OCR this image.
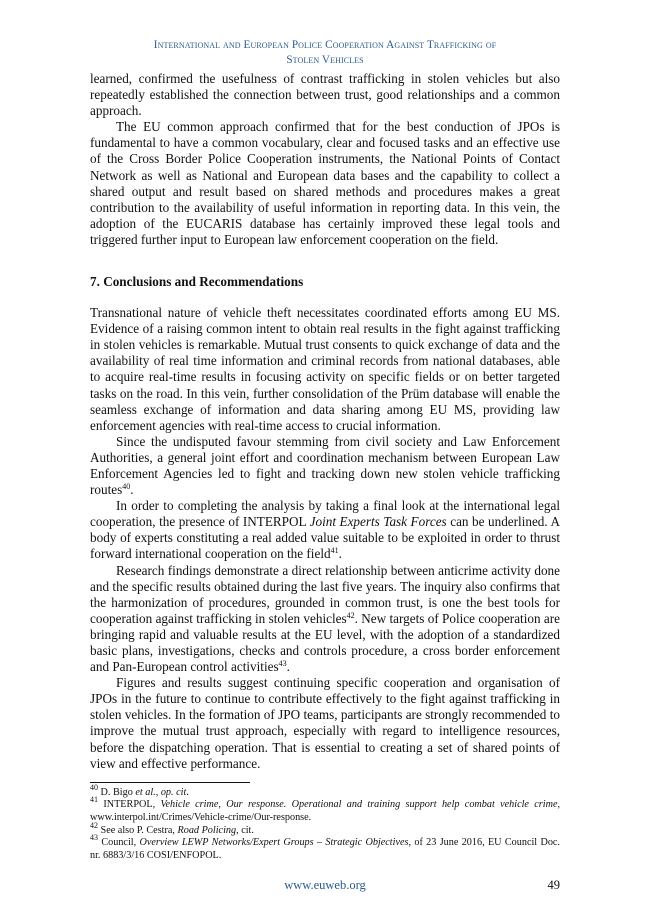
International and European Police Cooperation Against Trafficking of
Stolen Vehicles

learned, confirmed the usefulness of contrast trafficking in stolen vehicles but also repeatedly established the connection between trust, good relationships and a common approach.

The EU common approach confirmed that for the best conduction of JPOs is fundamental to have a common vocabulary, clear and focused tasks and an effective use of the Cross Border Police Cooperation instruments, the National Points of Contact Network as well as National and European data bases and the capability to collect a shared output and result based on shared methods and procedures makes a great contribution to the availability of useful information in reporting data. In this vein, the adoption of the EUCARIS database has certainly improved these legal tools and triggered further input to European law enforcement cooperation on the field.

7. Conclusions and Recommendations

Transnational nature of vehicle theft necessitates coordinated efforts among EU MS. Evidence of a raising common intent to obtain real results in the fight against trafficking in stolen vehicles is remarkable. Mutual trust consents to quick exchange of data and the availability of real time information and criminal records from national databases, able to acquire real-time results in focusing activity on specific fields or on better targeted tasks on the road. In this vein, further consolidation of the Prüm database will enable the seamless exchange of information and data sharing among EU MS, providing law enforcement agencies with real-time access to crucial information.

Since the undisputed favour stemming from civil society and Law Enforcement Authorities, a general joint effort and coordination mechanism between European Law Enforcement Agencies led to fight and tracking down new stolen vehicle trafficking routes$^{40}$.

In order to completing the analysis by taking a final look at the international legal cooperation, the presence of INTERPOL Joint Experts Task Forces can be underlined. A body of experts constituting a real added value suitable to be exploited in order to thrust forward international cooperation on the field$^{41}$.

Research findings demonstrate a direct relationship between anticrime activity done and the specific results obtained during the last five years. The inquiry also confirms that the harmonization of procedures, grounded in common trust, is one the best tools for cooperation against trafficking in stolen vehicles$^{42}$. New targets of Police cooperation are bringing rapid and valuable results at the EU level, with the adoption of a standardized basic plans, investigations, checks and controls procedure, a cross border enforcement and Pan-European control activities$^{43}$.

Figures and results suggest continuing specific cooperation and organisation of JPOs in the future to continue to contribute effectively to the fight against trafficking in stolen vehicles. In the formation of JPO teams, participants are strongly recommended to improve the mutual trust approach, especially with regard to intelligence resources, before the dispatching operation. That is essential to creating a set of shared points of view and effective performance.

$^{40}$ D. Bigo et al., op. cit.

$^{41}$ INTERPOL, Vehicle crime, Our response. Operational and training support help combat vehicle crime, www.interpol.int/Crimes/Vehicle-crime/Our-response.

$^{42}$ See also P. Cestra, Road Policing, cit.

$^{43}$ Council, Overview LEWP Networks/Expert Groups – Strategic Objectives, of 23 June 2016, EU Council Doc. nr. 6883/3/16 COSI/ENFOPOL.

www.euweb.org	49
